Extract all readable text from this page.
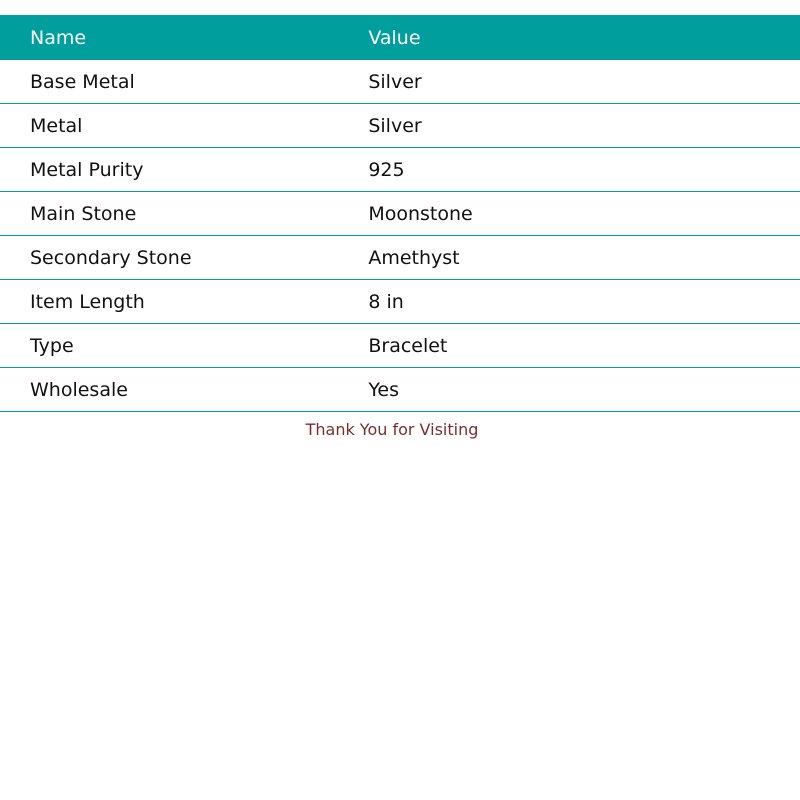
Name	Value
Base Metal	Silver
Metal	Silver
Metal Purity	925
Main Stone	Moonstone
Secondary Stone	Amethyst
Item Length	8 in
Type	Bracelet
Wholesale	Yes
Thank You for Visiting
